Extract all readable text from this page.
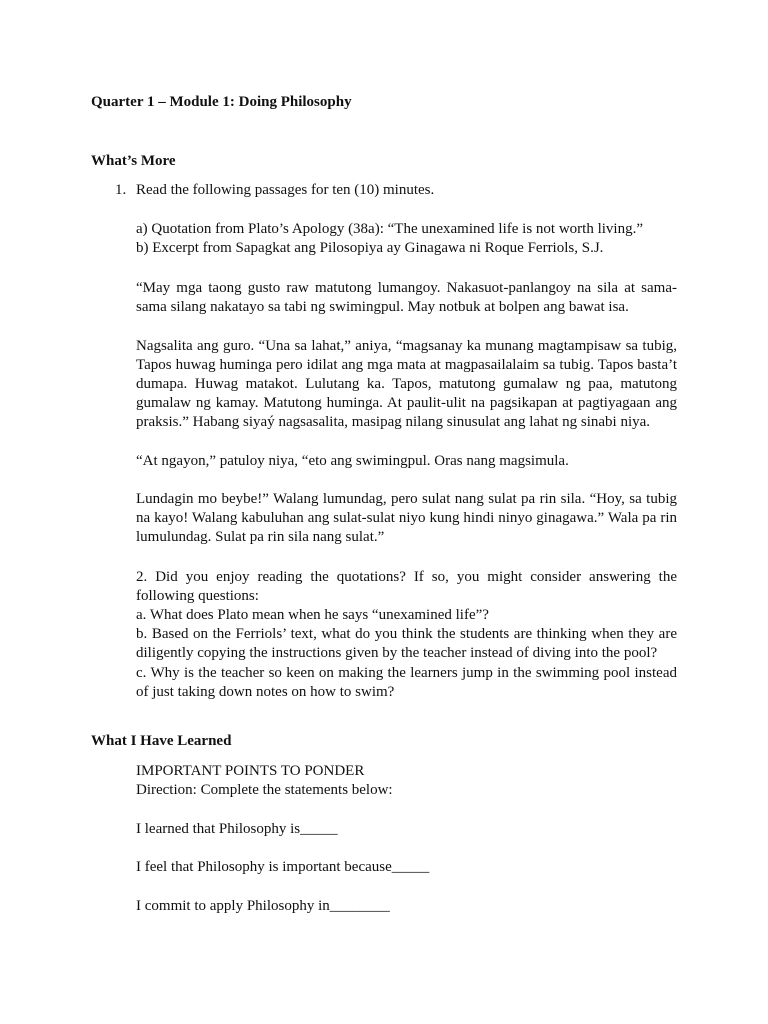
Quarter 1 – Module 1: Doing Philosophy
What’s More
1. Read the following passages for ten (10) minutes.
a) Quotation from Plato’s Apology (38a): “The unexamined life is not worth living.”
b) Excerpt from Sapagkat ang Pilosopiya ay Ginagawa ni Roque Ferriols, S.J.
“May mga taong gusto raw matutong lumangoy. Nakasuot-panlangoy na sila at sama-sama silang nakatayo sa tabi ng swimingpul. May notbuk at bolpen ang bawat isa.
Nagsalita ang guro. “Una sa lahat,” aniya, “magsanay ka munang magtampisaw sa tubig, Tapos huwag huminga pero idilat ang mga mata at magpasailalaim sa tubig. Tapos basta’t dumapa. Huwag matakot. Lulutang ka. Tapos, matutong gumalaw ng paa, matutong gumalaw ng kamay. Matutong huminga. At paulit-ulit na pagsikapan at pagtiyagaan ang praksis.” Habang siyaý nagsasalita, masipag nilang sinusulat ang lahat ng sinabi niya.
“At ngayon,” patuloy niya, “eto ang swimingpul. Oras nang magsimula.
Lundagin mo beybe!” Walang lumundag, pero sulat nang sulat pa rin sila. “Hoy, sa tubig na kayo! Walang kabuluhan ang sulat-sulat niyo kung hindi ninyo ginagawa.” Wala pa rin lumulundag. Sulat pa rin sila nang sulat.”
2. Did you enjoy reading the quotations? If so, you might consider answering the following questions:
a. What does Plato mean when he says “unexamined life”?
b. Based on the Ferriols’ text, what do you think the students are thinking when they are diligently copying the instructions given by the teacher instead of diving into the pool?
c. Why is the teacher so keen on making the learners jump in the swimming pool instead of just taking down notes on how to swim?
What I Have Learned
IMPORTANT POINTS TO PONDER
Direction: Complete the statements below:
I learned that Philosophy is_____
I feel that Philosophy is important because_____
I commit to apply Philosophy in________
